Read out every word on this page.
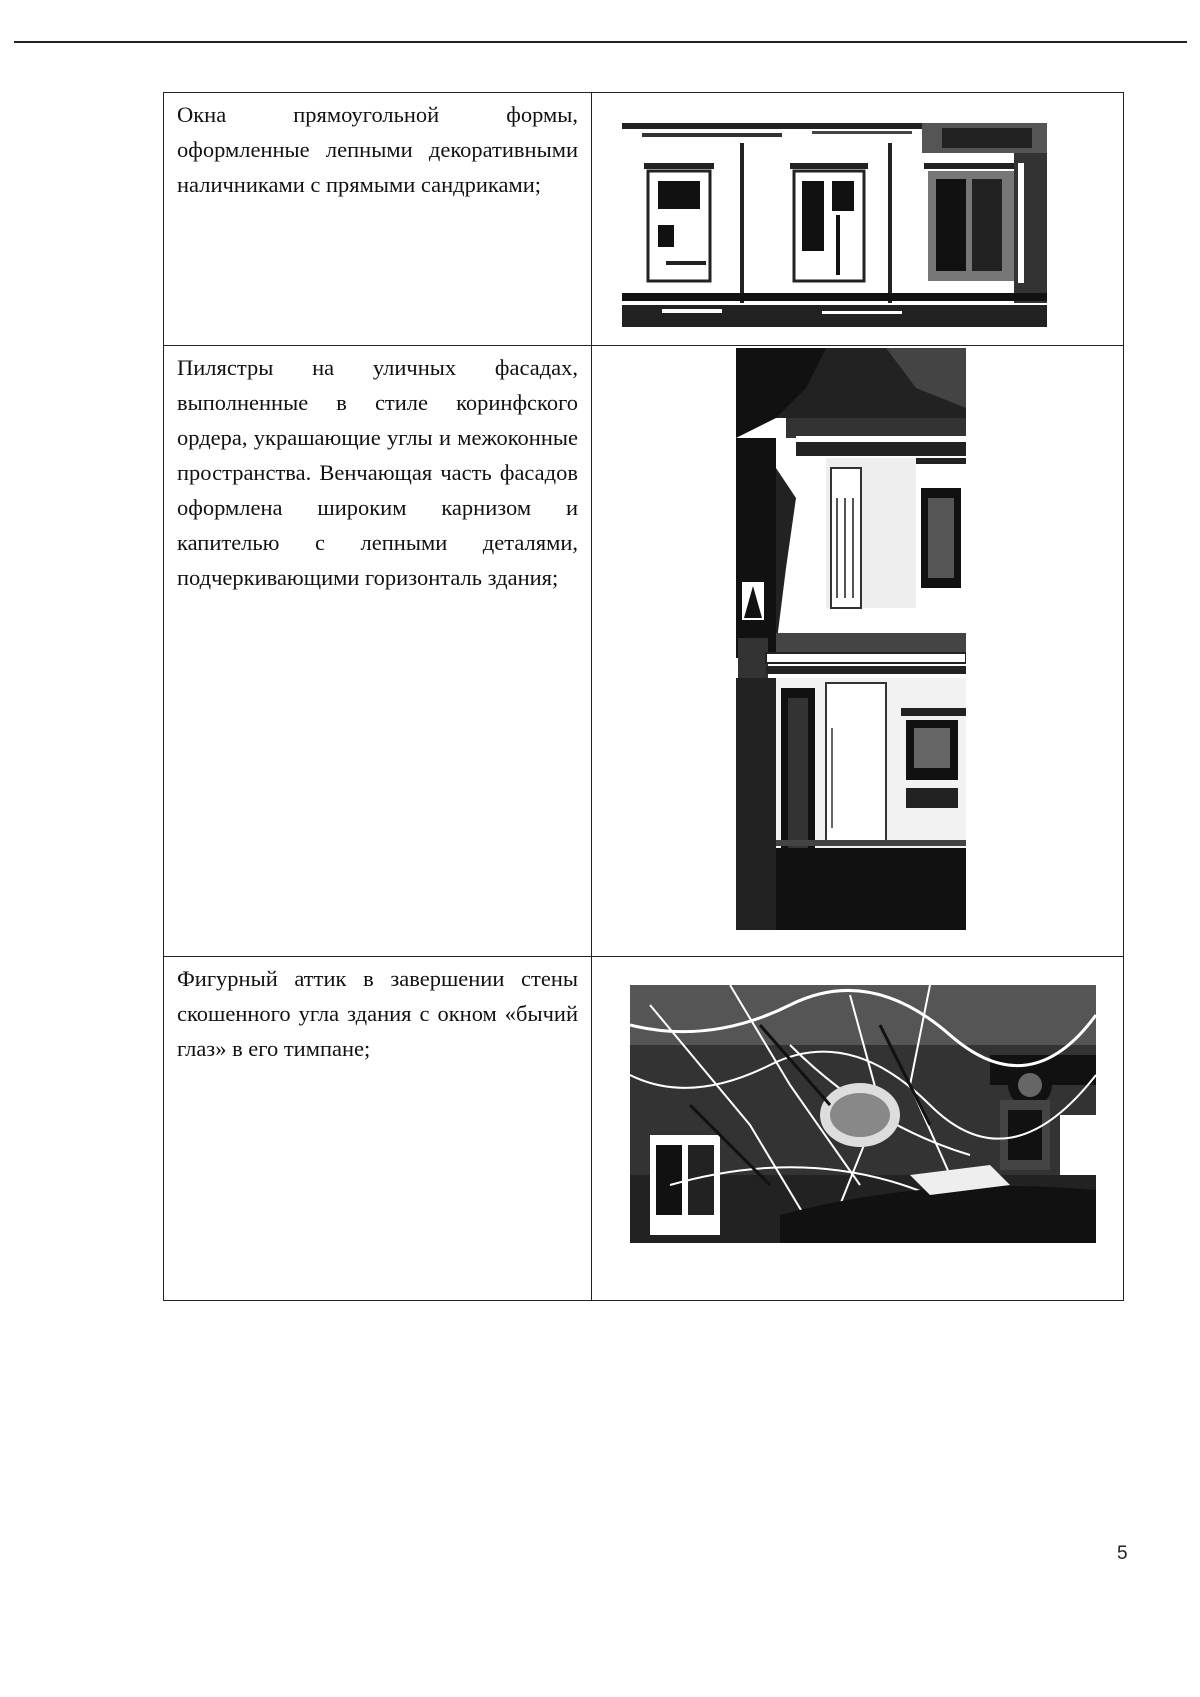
Окна прямоугольной формы, оформленные лепными декоративными наличниками с прямыми сандриками;

Пилястры на уличных фасадах, выполненные в стиле коринфского ордера, украшающие углы и межоконные пространства. Венчающая часть фасадов оформлена широким карнизом и капителью с лепными деталями, подчеркивающими горизонталь здания;

Фигурный аттик в завершении стены скошенного угла здания с окном «бычий глаз» в его тимпане;

5
